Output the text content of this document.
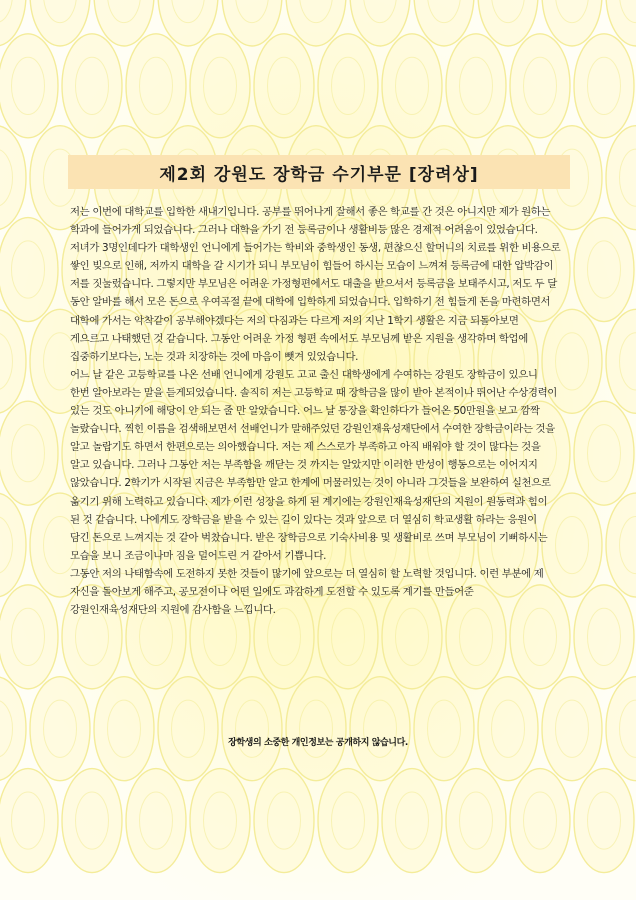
제2회 강원도 장학금 수기부문 [장려상]
저는 이번에 대학교를 입학한 새내기입니다. 공부를 뛰어나게 잘해서 좋은 학교를 간 것은 아니지만 제가 원하는
학과에 들어가게 되었습니다. 그러나 대학을 가기 전 등록금이나 생활비등 많은 경제적 어려움이 있었습니다.
저녀가 3명인데다가 대학생인 언니에게 들어가는 학비와 중학생인 동생, 편찮으신 할머니의 치료를 위한 비용으로
쌓인 빚으로 인해, 저까지 대학을 갈 시기가 되니 부모님이 힘들어 하시는 모습이 느껴져 등록금에 대한 압박감이
저를 짓눌렀습니다. 그렇지만 부모님은 어려운 가정형편에서도 대출을 받으셔서 등록금을 보태주시고, 저도 두 달
동안 알바를 해서 모은 돈으로 우여곡절 끝에 대학에 입학하게 되었습니다. 입학하기 전 힘들게 돈을 마련하면서
대학에 가서는 악착같이 공부해야겠다는 저의 다짐과는 다르게 저의 지난 1학기 생활은 지금 되돌아보면
게으르고 나태했던 것 같습니다. 그동안 어려운 가정 형편 속에서도 부모님께 받은 지원을 생각하며 학업에
집중하기보다는, 노는 것과 치장하는 것에 마음이 뺏겨 있었습니다.
어느 날 같은 고등학교를 나온 선배 언니에게 강원도 고교 출신 대학생에게 수여하는 강원도 장학금이 있으니
한번 알아보라는 말을 듣게되었습니다. 솔직히 저는 고등학교 때 장학금을 많이 받아 본적이나 뛰어난 수상경력이
있는 것도 아니기에 해당이 안 되는 줄 만 알았습니다. 어느 날 통장을 확인하다가 들어온 50만원을 보고 깜짝
놀랐습니다. 찍힌 이름을 검색해보면서 선배언니가 말해주었던 강원인재육성재단에서 수여한 장학금이라는 것을
알고 놀랍기도 하면서 한편으로는 의아했습니다. 저는 제 스스로가 부족하고 아직 배워야 할 것이 많다는 것을
알고 있습니다. 그러나 그동안 저는 부족함을 깨닫는 것 까지는 알았지만 이러한 반성이 행동으로는 이어지지
않았습니다. 2학기가 시작된 지금은 부족함만 알고 한계에 머물러있는 것이 아니라 그것들을 보완하여 실천으로
옮기기 위해 노력하고 있습니다. 제가 이런 성장을 하게 된 계기에는 강원인재육성재단의 지원이 원동력과 힘이
된 것 같습니다. 나에게도 장학금을 받을 수 있는 길이 있다는 것과 앞으로 더 열심히 학교생활 하라는 응원이
담긴 돈으로 느껴지는 것 같아 벅찼습니다. 받은 장학금으로 기숙사비용 및 생활비로 쓰며 부모님이 기뻐하시는
모습을 보니 조금이나마 짐을 덜어드린 거 같아서 기쁩니다.
그동안 저의 나태함속에 도전하지 못한 것들이 많기에 앞으로는 더 열심히 할 노력할 것입니다. 이런 부분에 제
자신을 돌아보게 해주고, 공모전이나 어떤 일에도 과감하게 도전할 수 있도록 계기를 만들어준
강원인재육성재단의 지원에 감사함을 느낍니다.
장학생의 소중한 개인정보는 공개하지 않습니다.
